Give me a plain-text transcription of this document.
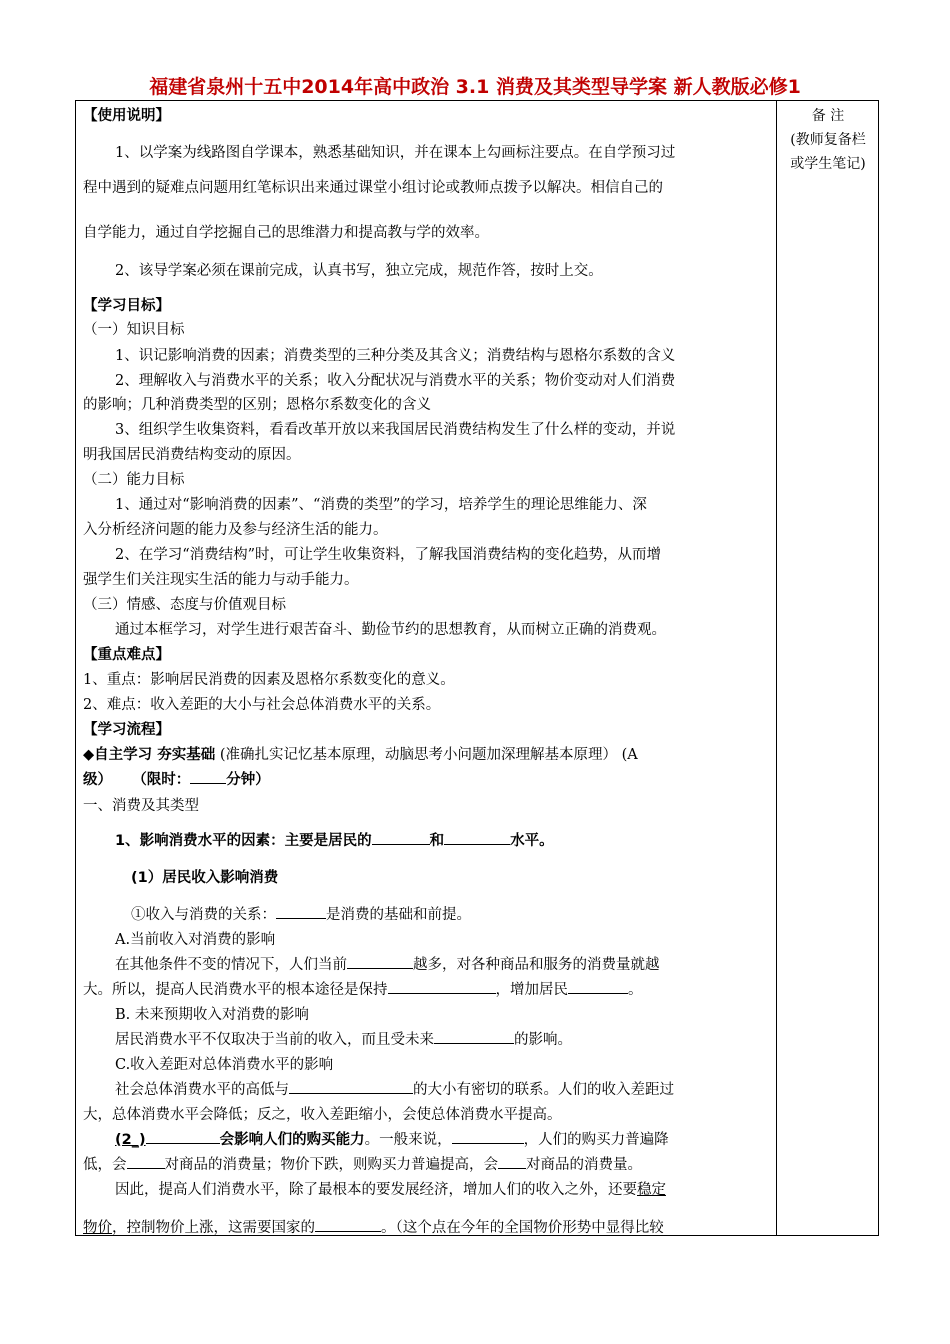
福建省泉州十五中2014年高中政治 3.1 消费及其类型导学案 新人教版必修1
备 注
(教师复备栏
或学生笔记)
【使用说明】
1、以学案为线路图自学课本，熟悉基础知识，并在课本上勾画标注要点。在自学预习过
程中遇到的疑难点问题用红笔标识出来通过课堂小组讨论或教师点拨予以解决。相信自己的
自学能力，通过自学挖掘自己的思维潜力和提高教与学的效率。
2、该导学案必须在课前完成，认真书写，独立完成，规范作答，按时上交。
【学习目标】
（一）知识目标
1、识记影响消费的因素；消费类型的三种分类及其含义；消费结构与恩格尔系数的含义
2、理解收入与消费水平的关系；收入分配状况与消费水平的关系；物价变动对人们消费
的影响；几种消费类型的区别；恩格尔系数变化的含义
3、组织学生收集资料，看看改革开放以来我国居民消费结构发生了什么样的变动，并说
明我国居民消费结构变动的原因。
（二）能力目标
1、通过对“影响消费的因素”、“消费的类型”的学习，培养学生的理论思维能力、深
入分析经济问题的能力及参与经济生活的能力。
2、在学习“消费结构”时，可让学生收集资料，了解我国消费结构的变化趋势，从而增
强学生们关注现实生活的能力与动手能力。
（三）情感、态度与价值观目标
通过本框学习，对学生进行艰苦奋斗、勤俭节约的思想教育，从而树立正确的消费观。
【重点难点】
1、重点：影响居民消费的因素及恩格尔系数变化的意义。
2、难点：收入差距的大小与社会总体消费水平的关系。
【学习流程】
◆自主学习 夯实基础 (准确扎实记忆基本原理，动脑思考小问题加深理解基本原理） (A
级） （限时： 分钟）
一、消费及其类型
1、影响消费水平的因素：主要是居民的	和	水平。
(1）居民收入影响消费
①收入与消费的关系：	是消费的基础和前提。
A.当前收入对消费的影响
在其他条件不变的情况下，人们当前	越多，对各种商品和服务的消费量就越
大。所以，提高人民消费水平的根本途径是保持	，增加居民	。
B. 未来预期收入对消费的影响
居民消费水平不仅取决于当前的收入，而且受未来	的影响。
C.收入差距对总体消费水平的影响
社会总体消费水平的高低与	的大小有密切的联系。人们的收入差距过
大，总体消费水平会降低；反之，收入差距缩小，会使总体消费水平提高。
(2_)	会影响人们的购买能力。一般来说，	，人们的购买力普遍降
低，会	对商品的消费量；物价下跌，则购买力普遍提高，会 对商品的消费量。
因此，提高人们消费水平，除了最根本的要发展经济，增加人们的收入之外，还要稳定
物价，控制物价上涨，这需要国家的	。（这个点在今年的全国物价形势中显得比较
